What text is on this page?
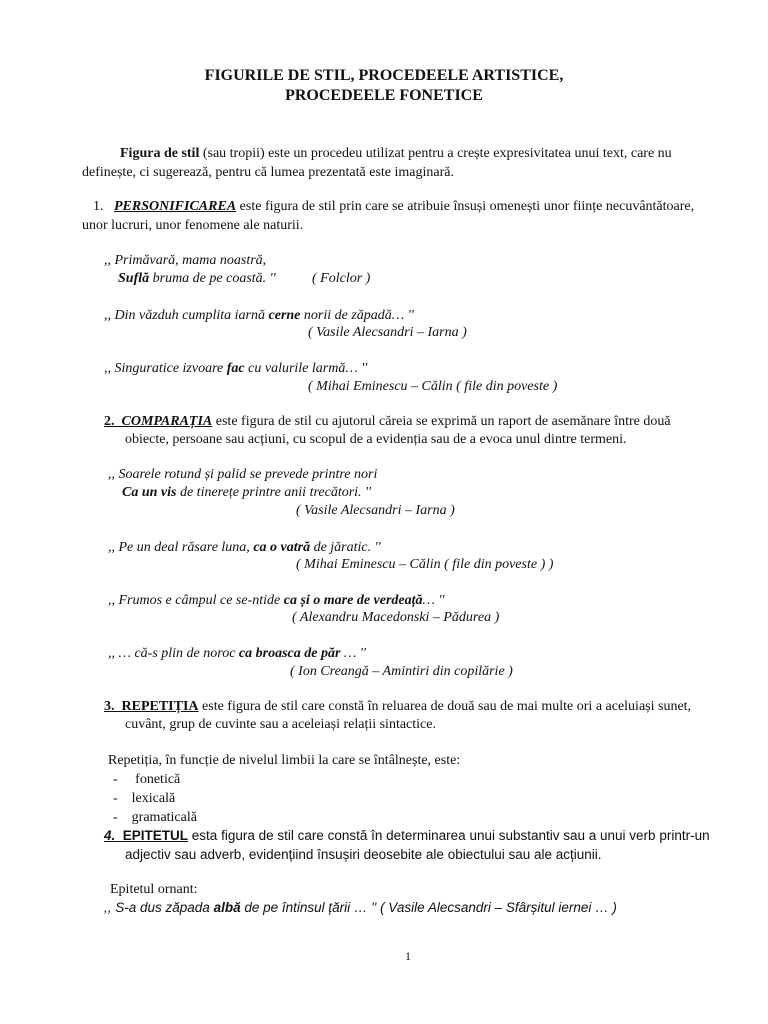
FIGURILE DE STIL, PROCEDEELE ARTISTICE,
PROCEDEELE FONETICE
Figura de stil (sau tropii) este un procedeu utilizat pentru a crește expresivitatea unui text, care nu
definește, ci sugerează, pentru că lumea prezentată este imaginară.
1. PERSONIFICAREA este figura de stil prin care se atribuie însuși omenești unor ființe necuvântătoare,
unor lucruri, unor fenomene ale naturii.
,, Primăvară, mama noastră,
Suflă bruma de pe coastă. ''	( Folclor )
,, Din văzduh cumplita iarnă cerne norii de zăpadă… ''
( Vasile Alecsandri – Iarna )
,, Singuratice izvoare fac cu valurile larmă… ''
( Mihai Eminescu – Călin ( file din poveste )
2. COMPARAȚIA este figura de stil cu ajutorul căreia se exprimă un raport de asemănare între două
obiecte, persoane sau acțiuni, cu scopul de a evidenția sau de a evoca unul dintre termeni.
,, Soarele rotund și palid se prevede printre nori
Ca un vis de tinerețe printre anii trecători. ''
( Vasile Alecsandri – Iarna )
,, Pe un deal răsare luna, ca o vatră de jăratic. ''
( Mihai Eminescu – Călin ( file din poveste ) )
,, Frumos e câmpul ce se-ntide ca și o mare de verdeață… ''
( Alexandru Macedonski – Pădurea )
,, … că-s plin de noroc ca broasca de păr … ''
( Ion Creangă – Amintiri din copilărie )
3. REPETIȚIA este figura de stil care constă în reluarea de două sau de mai multe ori a aceluiași sunet,
cuvânt, grup de cuvinte sau a aceleiași relații sintactice.
Repetiția, în funcție de nivelul limbii la care se întâlnește, este:
-     fonetică
-    lexicală
-    gramaticală
4. EPITETUL esta figura de stil care constă în determinarea unui substantiv sau a unui verb printr-un
adjectiv sau adverb, evidențiind însușiri deosebite ale obiectului sau ale acțiunii.
Epitetul ornant:
,, S-a dus zăpada albă de pe întinsul țării … '' ( Vasile Alecsandri – Sfârșitul iernei … )
1
